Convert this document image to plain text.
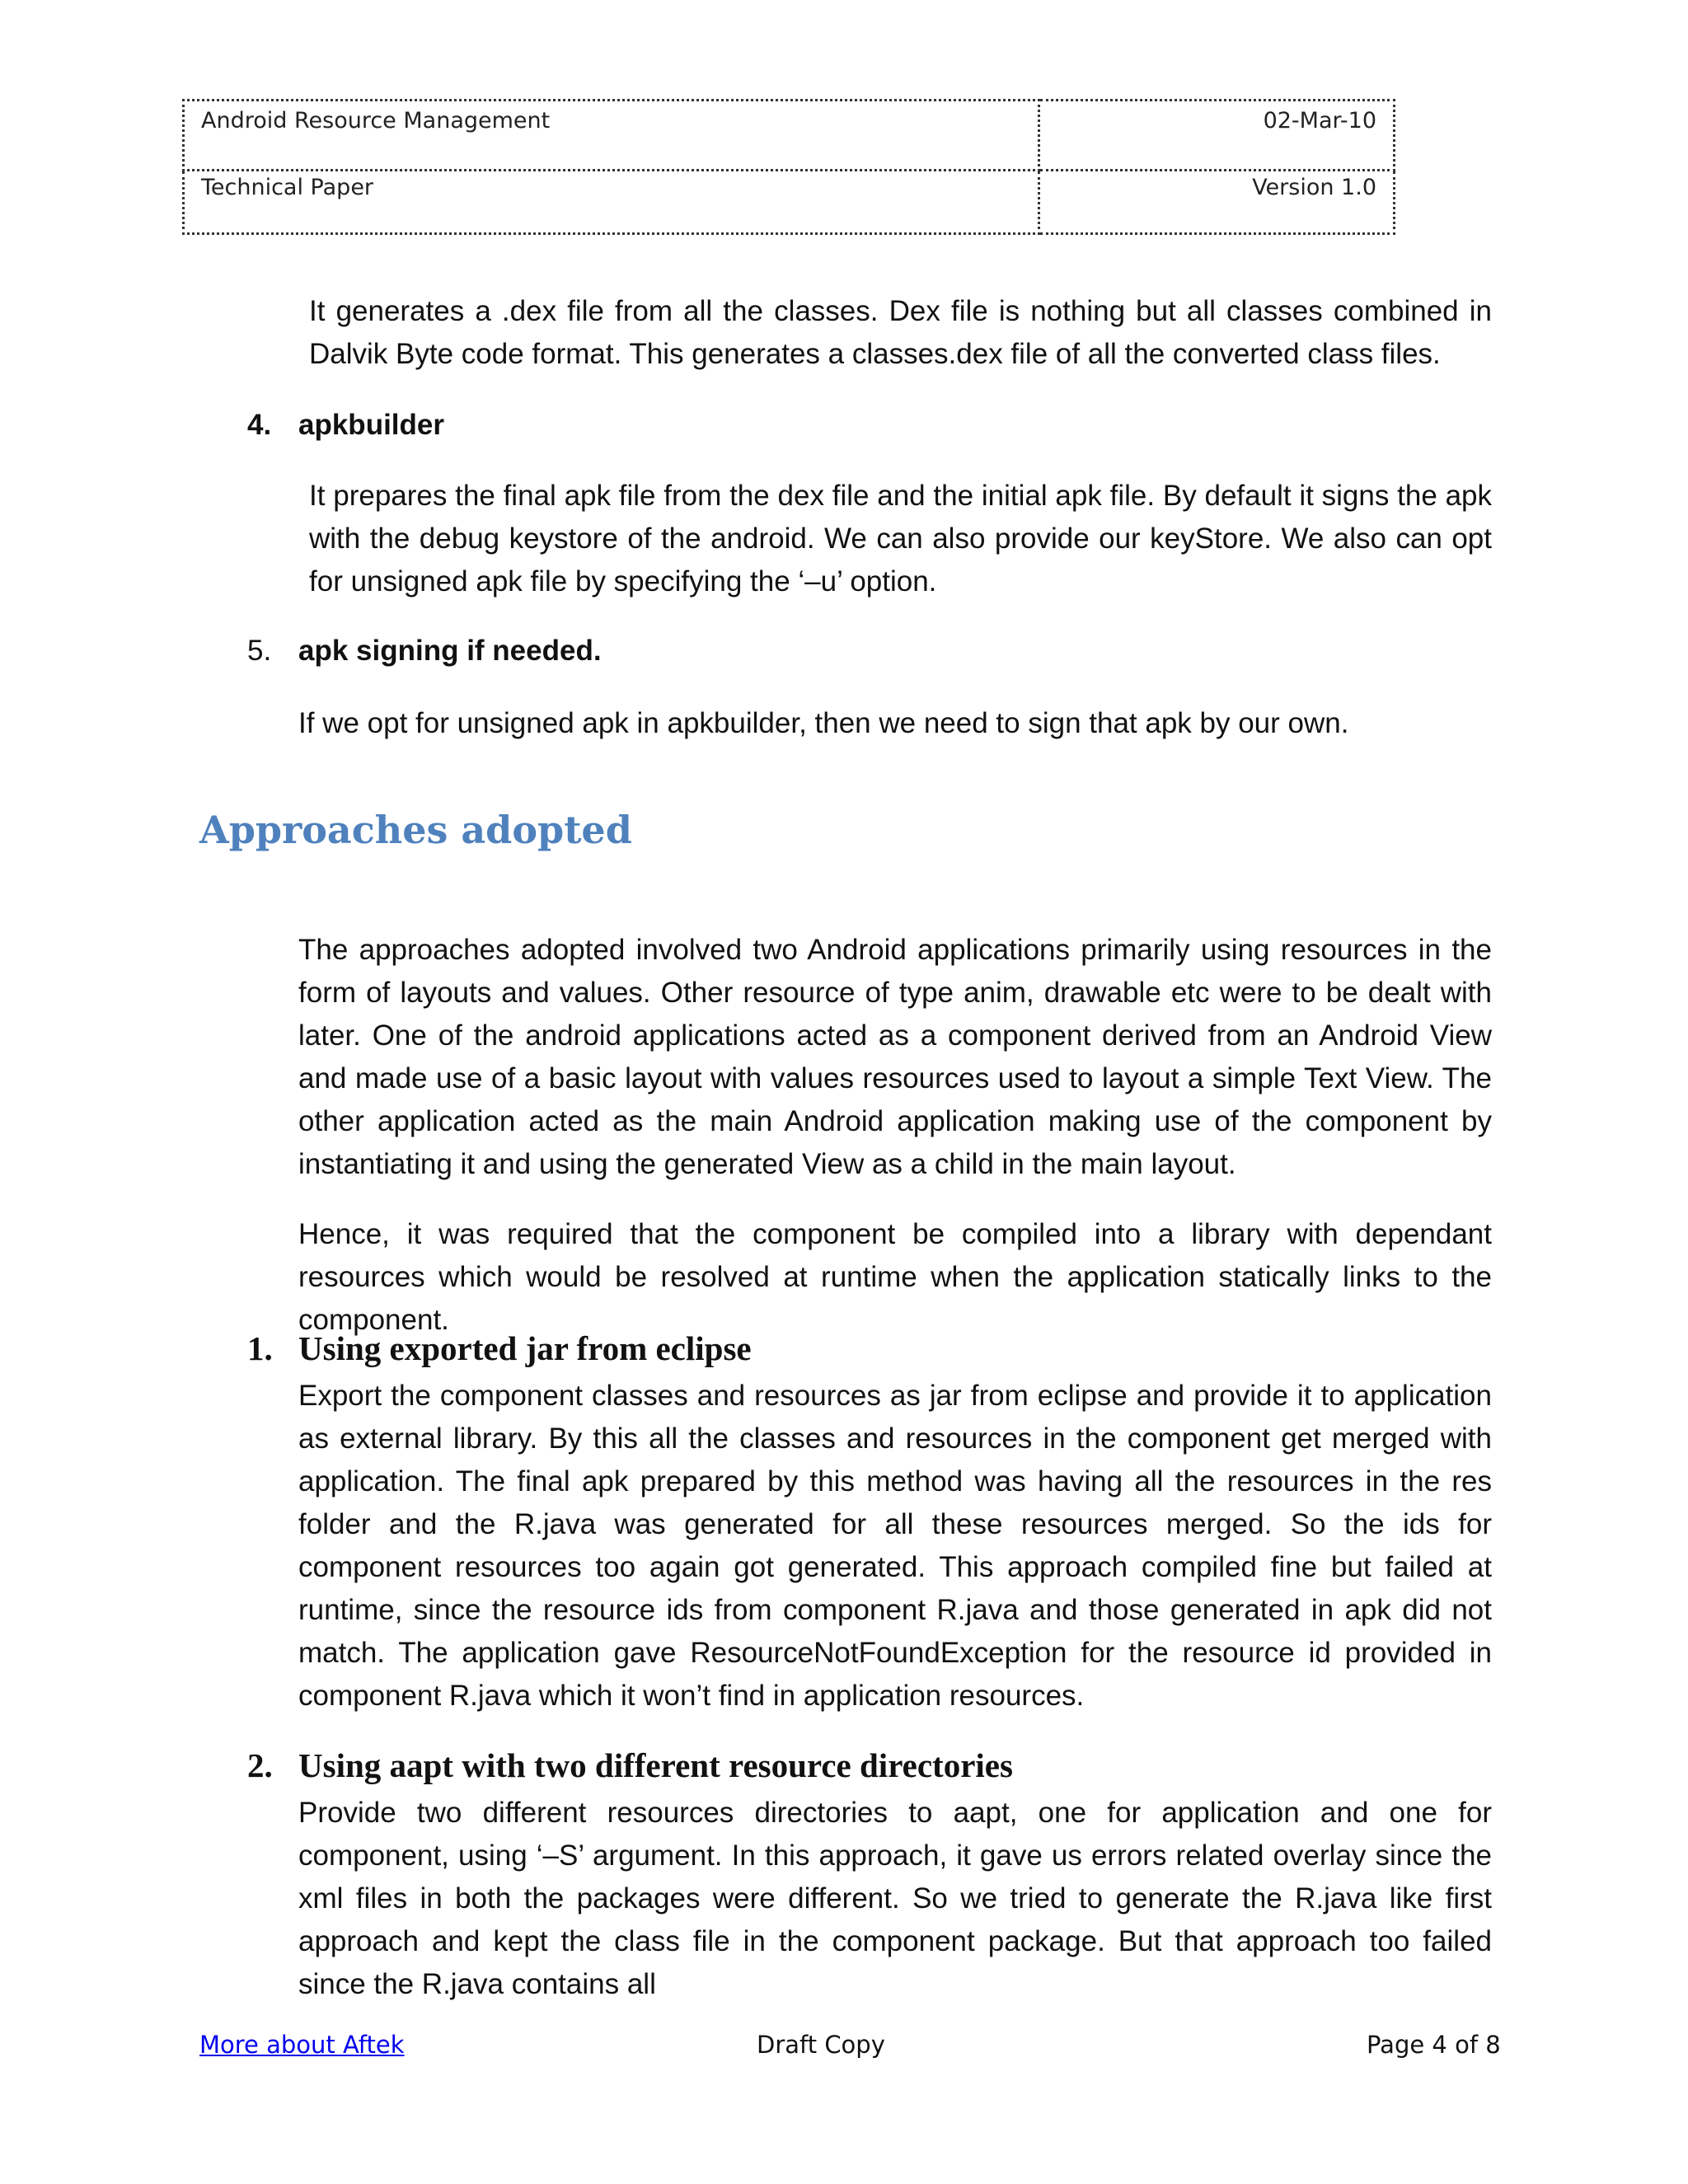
Android Resource Management	02-Mar-10
Technical Paper	Version 1.0

It generates a .dex file from all the classes. Dex file is nothing but all classes combined in Dalvik Byte code format. This generates a classes.dex file of all the converted class files.

4. apkbuilder

It prepares the final apk file from the dex file and the initial apk file. By default it signs the apk with the debug keystore of the android. We can also provide our keyStore. We also can opt for unsigned apk file by specifying the ‘–u’ option.

5. apk signing if needed.

If we opt for unsigned apk in apkbuilder, then we need to sign that apk by our own.

Approaches adopted

The approaches adopted involved two Android applications primarily using resources in the form of layouts and values. Other resource of type anim, drawable etc were to be dealt with later. One of the android applications acted as a component derived from an Android View and made use of a basic layout with values resources used to layout a simple Text View. The other application acted as the main Android application making use of the component by instantiating it and using the generated View as a child in the main layout.

Hence, it was required that the component be compiled into a library with dependant resources which would be resolved at runtime when the application statically links to the component.

1. Using exported jar from eclipse

Export the component classes and resources as jar from eclipse and provide it to application as external library. By this all the classes and resources in the component get merged with application. The final apk prepared by this method was having all the resources in the res folder and the R.java was generated for all these resources merged. So the ids for component resources too again got generated. This approach compiled fine but failed at runtime, since the resource ids from component R.java and those generated in apk did not match. The application gave ResourceNotFoundException for the resource id provided in component R.java which it won’t find in application resources.

2. Using aapt with two different resource directories

Provide two different resources directories to aapt, one for application and one for component, using ‘–S’ argument. In this approach, it gave us errors related overlay since the xml files in both the packages were different. So we tried to generate the R.java like first approach and kept the class file in the component package. But that approach too failed since the R.java contains all

More about Aftek	Draft Copy	Page 4 of 8
